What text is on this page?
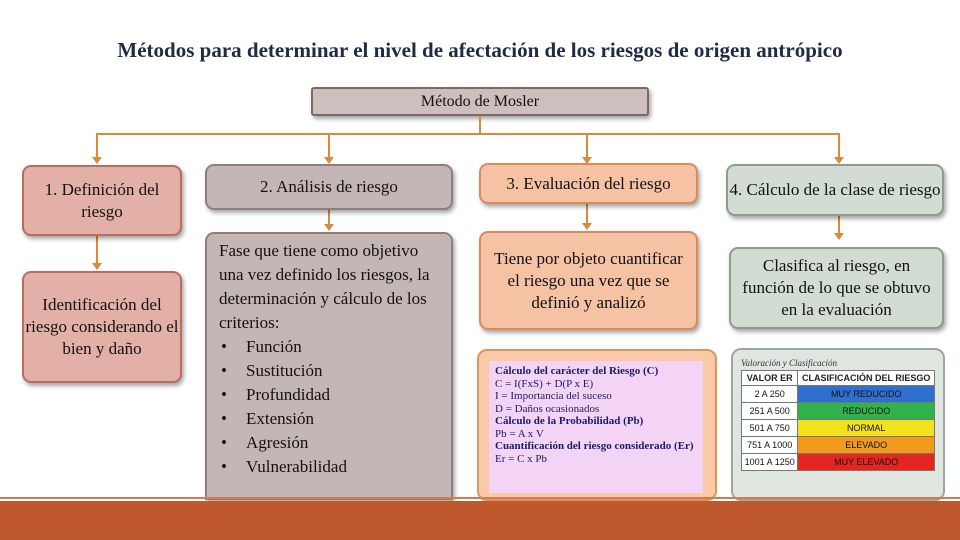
Métodos para determinar el nivel de afectación de los riesgos de origen antrópico
Método de Mosler
1. Definición del riesgo
Identificación del riesgo considerando el bien y daño
2. Análisis de riesgo
Fase que tiene como objetivo una vez definido los riesgos, la determinación y cálculo de los criterios:
• Función
• Sustitución
• Profundidad
• Extensión
• Agresión
• Vulnerabilidad
3. Evaluación del riesgo
Tiene por objeto cuantificar el riesgo una vez que se definió y analizó
4. Cálculo de la clase de riesgo
Clasifica al riesgo, en función de lo que se obtuvo en la evaluación
Cálculo del carácter del Riesgo (C)
C = I(FxS) + D(P x E)
I = Importancia del suceso
D = Daños ocasionados
Cálculo de la Probabilidad (Pb)
Pb = A x V
Cuantificación del riesgo considerado (Er)
Er = C x Pb
Valoración y Clasificación
VALOR ER	CLASIFICACIÓN DEL RIESGO
2 A 250	MUY REDUCIDO
251 A 500	REDUCIDO
501 A 750	NORMAL
751 A 1000	ELEVADO
1001 A 1250	MUY ELEVADO
